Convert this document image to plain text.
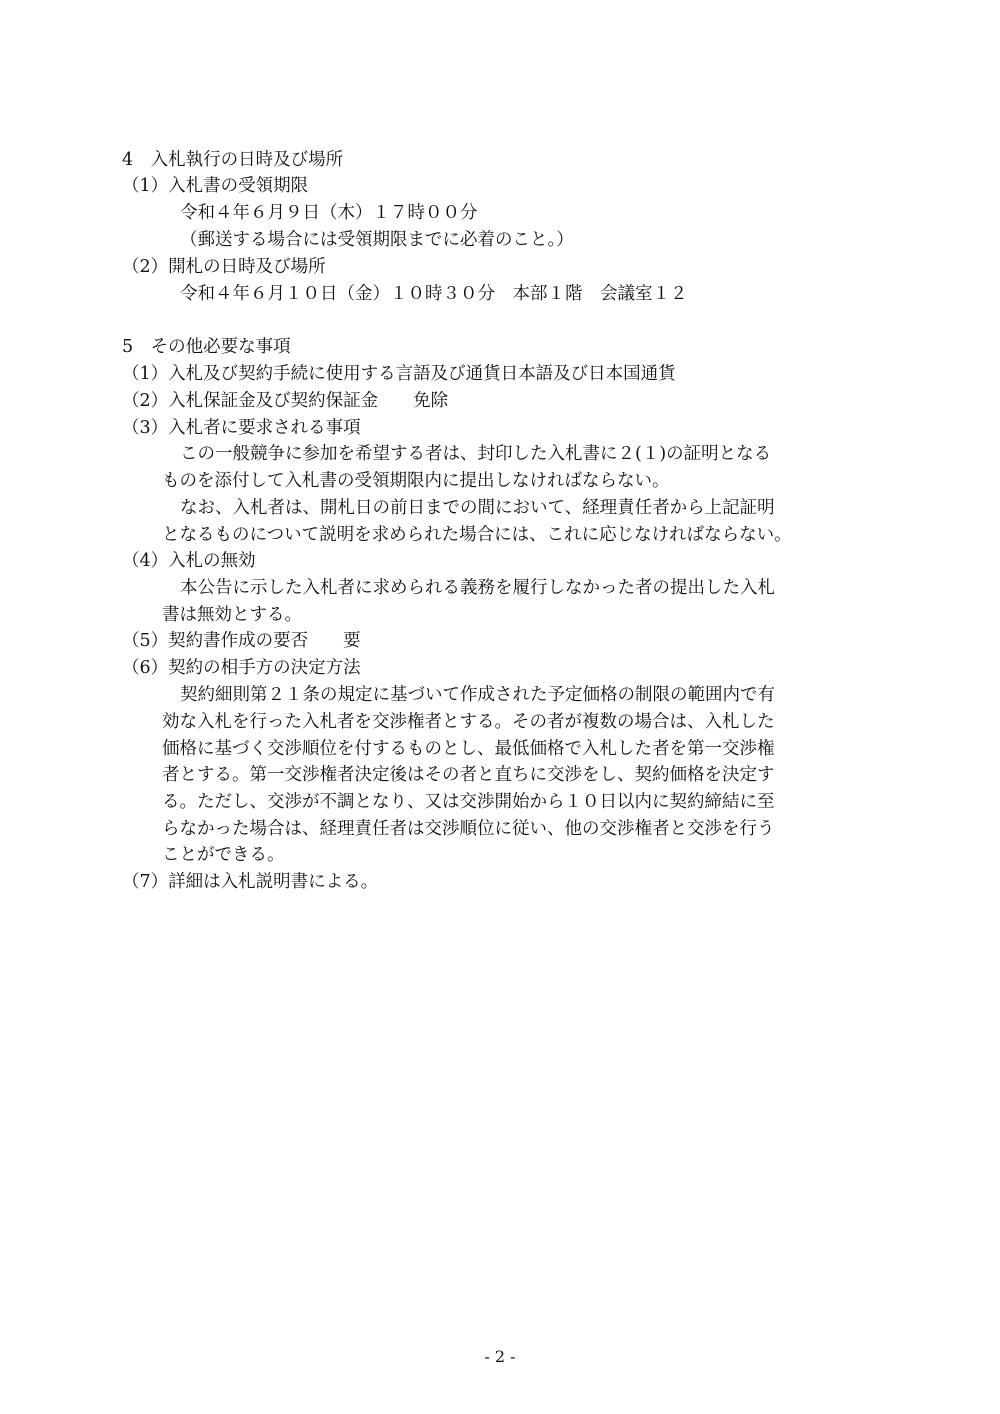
4　入札執行の日時及び場所

（1）入札書の受領期限

令和４年６月９日（木）１７時００分

（郵送する場合には受領期限までに必着のこと。）

（2）開札の日時及び場所

令和４年６月１０日（金）１０時３０分　本部１階　会議室１２

5　その他必要な事項

（1）入札及び契約手続に使用する言語及び通貨日本語及び日本国通貨

（2）入札保証金及び契約保証金　　免除

（3）入札者に要求される事項

この一般競争に参加を希望する者は、封印した入札書に２(１)の証明となる

ものを添付して入札書の受領期限内に提出しなければならない。

なお、入札者は、開札日の前日までの間において、経理責任者から上記証明

となるものについて説明を求められた場合には、これに応じなければならない。

（4）入札の無効

本公告に示した入札者に求められる義務を履行しなかった者の提出した入札

書は無効とする。

（5）契約書作成の要否　　要

（6）契約の相手方の決定方法

契約細則第２１条の規定に基づいて作成された予定価格の制限の範囲内で有

効な入札を行った入札者を交渉権者とする。その者が複数の場合は、入札した

価格に基づく交渉順位を付するものとし、最低価格で入札した者を第一交渉権

者とする。第一交渉権者決定後はその者と直ちに交渉をし、契約価格を決定す

る。ただし、交渉が不調となり、又は交渉開始から１０日以内に契約締結に至

らなかった場合は、経理責任者は交渉順位に従い、他の交渉権者と交渉を行う

ことができる。

（7）詳細は入札説明書による。

- 2 -
